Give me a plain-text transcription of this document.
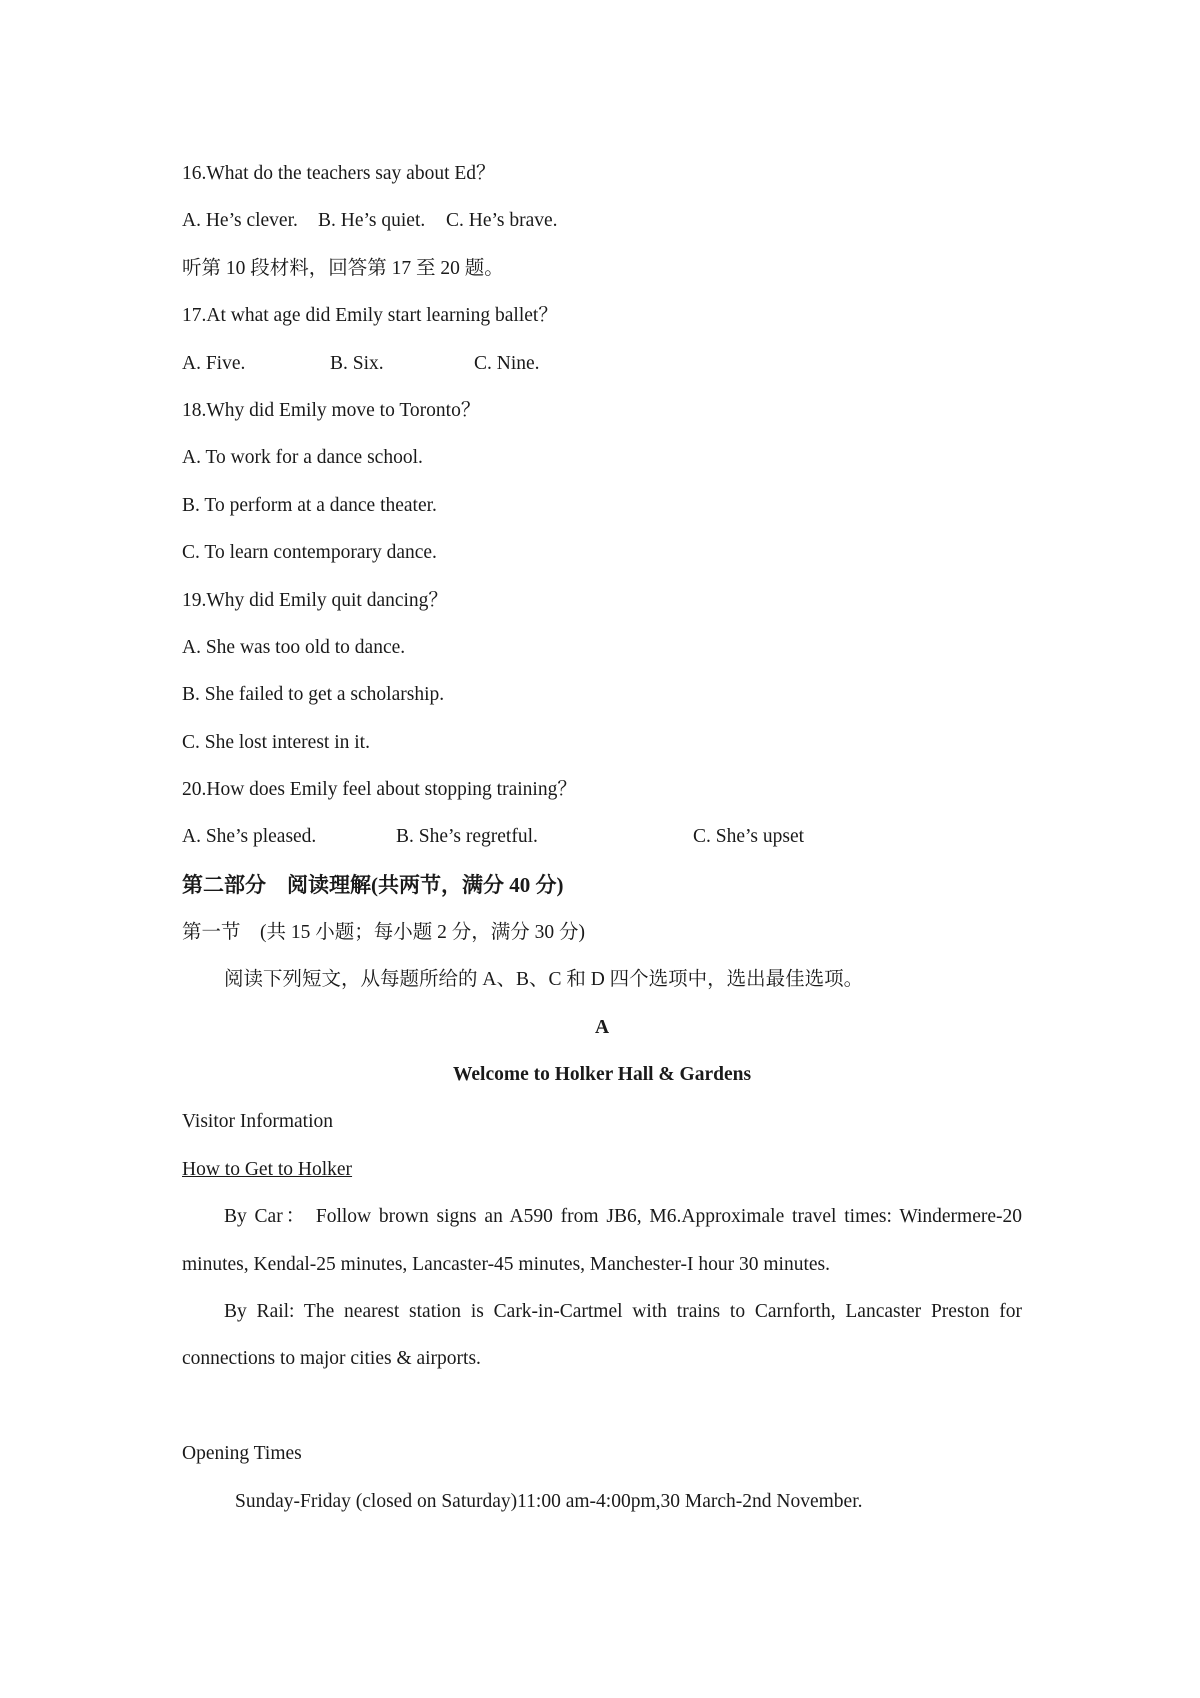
16.What do the teachers say about Ed？
A. He’s clever.	B. He’s quiet.	C. He’s brave.
听第 10 段材料，回答第 17 至 20 题。
17.At what age did Emily start learning ballet？
A. Five.	B. Six.	C. Nine.
18.Why did Emily move to Toronto？
A. To work for a dance school.
B. To perform at a dance theater.
C. To learn contemporary dance.
19.Why did Emily quit dancing？
A. She was too old to dance.
B. She failed to get a scholarship.
C. She lost interest in it.
20.How does Emily feel about stopping training？
A. She’s pleased.	B. She’s regretful.	C. She’s upset
第二部分　阅读理解(共两节，满分 40 分)
第一节　(共 15 小题；每小题 2 分，满分 30 分)
阅读下列短文，从每题所给的 A、B、C 和 D 四个选项中，选出最佳选项。
A
Welcome to Holker Hall & Gardens
Visitor Information
How to Get to Holker
By Car： Follow brown signs an A590 from JB6, M6.Approximale travel times: Windermere-20 minutes, Kendal-25 minutes, Lancaster-45 minutes, Manchester-I hour 30 minutes.
By Rail: The nearest station is Cark-in-Cartmel with trains to Carnforth, Lancaster Preston for connections to major cities & airports.
Opening Times
Sunday-Friday (closed on Saturday)11:00 am-4:00pm,30 March-2nd November.
